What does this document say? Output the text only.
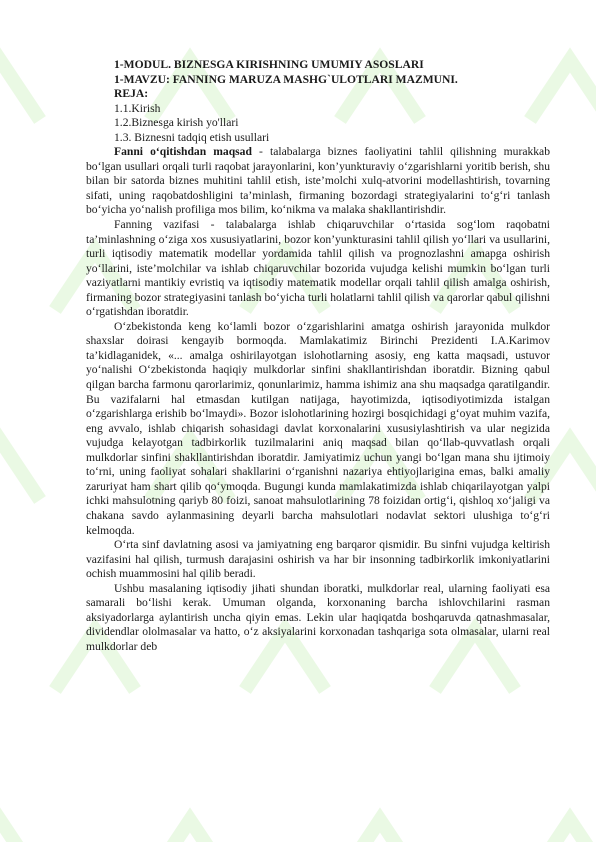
1-MODUL. BIZNESGA KIRISHNING UMUMIY ASOSLARI

1-MAVZU: FANNING MARUZA MASHG`ULOTLARI MAZMUNI.

REJA:

1.1.Kirish

1.2.Biznesga kirish yo'llari

1.3. Biznesni tadqiq etish usullari

Fanni o‘qitishdan maqsad - talabalarga biznes faoliyatini tahlil qilishning murakkab bo‘lgan usullari orqali turli raqobat jarayonlarini, kon’yunkturaviy o‘zgarishlarni yoritib berish, shu bilan bir satorda biznes muhitini tahlil etish, iste’molchi xulq-atvorini modellashtirish, tovarning sifati, uning raqobatdoshligini ta’minlash, firmaning bozordagi strategiyalarini to‘g‘ri tanlash bo‘yicha yo‘nalish profiliga mos bilim, ko‘nikma va malaka shakllantirishdir.

Fanning vazifasi - talabalarga ishlab chiqaruvchilar o‘rtasida sog‘lom raqobatni ta’minlashning o‘ziga xos xususiyatlarini, bozor kon’yunkturasini tahlil qilish yo‘llari va usullarini, turli iqtisodiy matematik modellar yordamida tahlil qilish va prognozlashni amapga oshirish yo‘llarini, iste’molchilar va ishlab chiqaruvchilar bozorida vujudga kelishi mumkin bo‘lgan turli vaziyatlarni mantikiy evristiq va iqtisodiy matematik modellar orqali tahlil qilish amalga oshirish, firmaning bozor strategiyasini tanlash bo‘yicha turli holatlarni tahlil qilish va qarorlar qabul qilishni o‘rgatishdan iboratdir.

O‘zbekistonda keng ko‘lamli bozor o‘zgarishlarini amatga oshirish jarayonida mulkdor shaxslar doirasi kengayib bormoqda. Mamlakatimiz Birinchi Prezidenti I.A.Karimov ta’kidlaganidek, «... amalga oshirilayotgan islohotlarning asosiy, eng katta maqsadi, ustuvor yo‘nalishi O‘zbekistonda haqiqiy mulkdorlar sinfini shakllantirishdan iboratdir. Bizning qabul qilgan barcha farmonu qarorlarimiz, qonunlarimiz, hamma ishimiz ana shu maqsadga qaratilgandir. Bu vazifalarni hal etmasdan kutilgan natijaga, hayotimizda, iqtisodiyotimizda istalgan o‘zgarishlarga erishib bo‘lmaydi». Bozor islohotlarining hozirgi bosqichidagi g‘oyat muhim vazifa, eng avvalo, ishlab chiqarish sohasidagi davlat korxonalarini xususiylashtirish va ular negizida vujudga kelayotgan tadbirkorlik tuzilmalarini aniq maqsad bilan qo‘llab-quvvatlash orqali mulkdorlar sinfini shakllantirishdan iboratdir. Jamiyatimiz uchun yangi bo‘lgan mana shu ijtimoiy to‘rni, uning faoliyat sohalari shakllarini o‘rganishni nazariya ehtiyojlarigina emas, balki amaliy zaruriyat ham shart qilib qo‘ymoqda. Bugungi kunda mamlakatimizda ishlab chiqarilayotgan yalpi ichki mahsulotning qariyb 80 foizi, sanoat mahsulotlarining 78 foizidan ortig‘i, qishloq xo‘jaligi va chakana savdo aylanmasining deyarli barcha mahsulotlari nodavlat sektori ulushiga to‘g‘ri kelmoqda.

O‘rta sinf davlatning asosi va jamiyatning eng barqaror qismidir. Bu sinfni vujudga keltirish vazifasini hal qilish, turmush darajasini oshirish va har bir insonning tadbirkorlik imkoniyatlarini ochish muammosini hal qilib beradi.

Ushbu masalaning iqtisodiy jihati shundan iboratki, mulkdorlar real, ularning faoliyati esa samarali bo‘lishi kerak. Umuman olganda, korxonaning barcha ishlovchilarini rasman aksiyadorlarga aylantirish uncha qiyin emas. Lekin ular haqiqatda boshqaruvda qatnashmasalar, dividendlar ololmasalar va hatto, o‘z aksiyalarini korxonadan tashqariga sota olmasalar, ularni real mulkdorlar deb
